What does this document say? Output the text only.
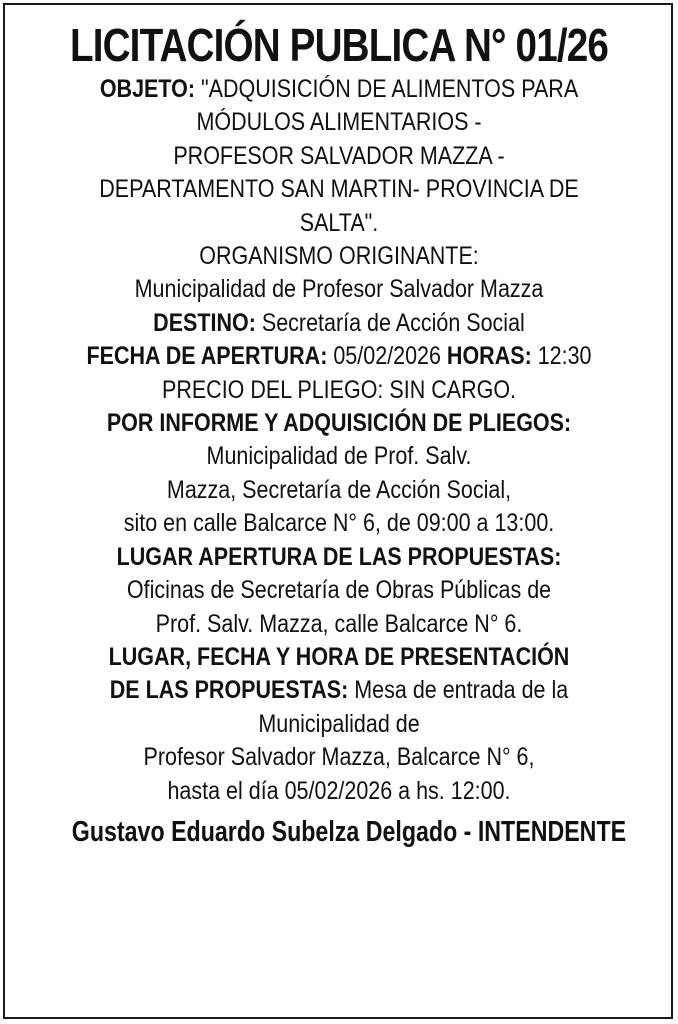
LICITACIÓN PUBLICA N° 01/26
OBJETO: "ADQUISICIÓN DE ALIMENTOS PARA
MÓDULOS ALIMENTARIOS -
PROFESOR SALVADOR MAZZA -
DEPARTAMENTO SAN MARTIN- PROVINCIA DE
SALTA".
ORGANISMO ORIGINANTE:
Municipalidad de Profesor Salvador Mazza
DESTINO: Secretaría de Acción Social
FECHA DE APERTURA: 05/02/2026 HORAS: 12:30
PRECIO DEL PLIEGO: SIN CARGO.
POR INFORME Y ADQUISICIÓN DE PLIEGOS:
Municipalidad de Prof. Salv.
Mazza, Secretaría de Acción Social,
sito en calle Balcarce N° 6, de 09:00 a 13:00.
LUGAR APERTURA DE LAS PROPUESTAS:
Oficinas de Secretaría de Obras Públicas de
Prof. Salv. Mazza, calle Balcarce N° 6.
LUGAR, FECHA Y HORA DE PRESENTACIÓN
DE LAS PROPUESTAS: Mesa de entrada de la
Municipalidad de
Profesor Salvador Mazza, Balcarce N° 6,
hasta el día 05/02/2026 a hs. 12:00.
Gustavo Eduardo Subelza Delgado - INTENDENTE
